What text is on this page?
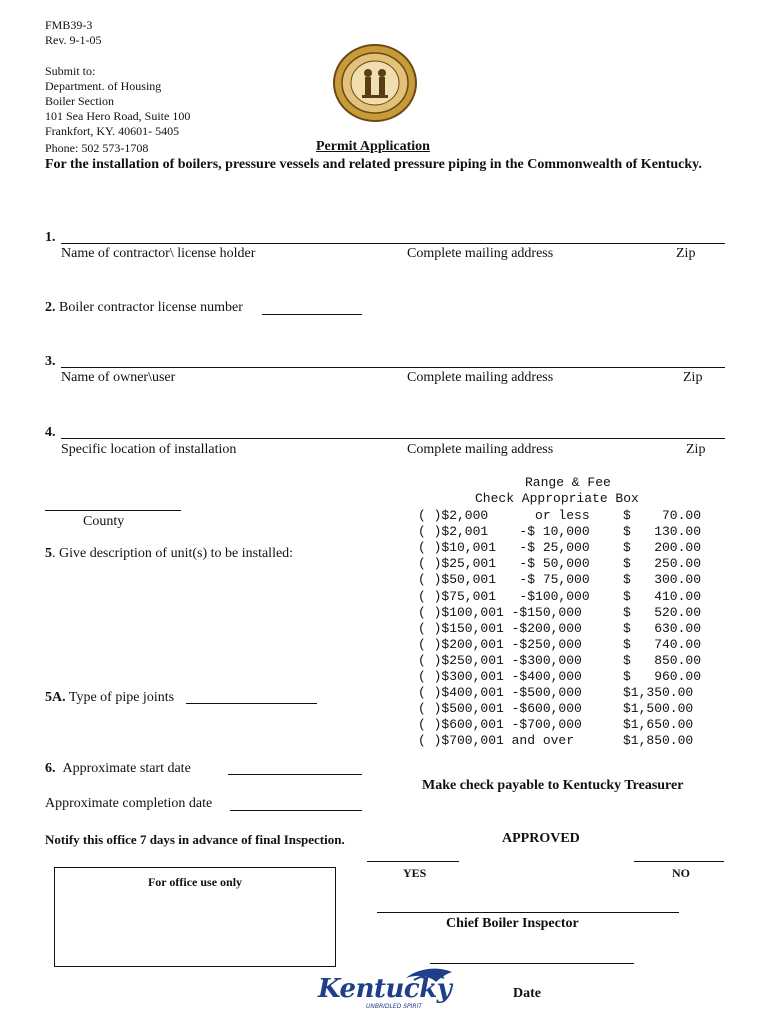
FMB39-3
Rev. 9-1-05
Submit to:
Department. of Housing
Boiler Section
101 Sea Hero Road, Suite 100
Frankfort, KY. 40601- 5405
Phone: 502 573-1708	Permit Application
For the installation of boilers, pressure vessels and related pressure piping in the Commonwealth of Kentucky.
1.
Name of contractor\ license holder	Complete mailing address	Zip
2. Boiler contractor license number
3.
Name of owner\user	Complete mailing address	Zip
4.
Specific location of installation	Complete mailing address	Zip
County
5. Give description of unit(s) to be installed:
5A. Type of pipe joints
6. Approximate start date
Approximate completion date
Range & Fee
Check Appropriate Box
( )$2,000      or less	$    70.00
( )$2,001    -$ 10,000	$   130.00
( )$10,001   -$ 25,000	$   200.00
( )$25,001   -$ 50,000	$   250.00
( )$50,001   -$ 75,000	$   300.00
( )$75,001   -$100,000	$   410.00
( )$100,001 -$150,000	$   520.00
( )$150,001 -$200,000	$   630.00
( )$200,001 -$250,000	$   740.00
( )$250,001 -$300,000	$   850.00
( )$300,001 -$400,000	$   960.00
( )$400,001 -$500,000	$1,350.00
( )$500,001 -$600,000	$1,500.00
( )$600,001 -$700,000	$1,650.00
( )$700,001 and over	$1,850.00
Make check payable to Kentucky Treasurer
Notify this office 7 days in advance of final Inspection.	APPROVED
YES	NO
For office use only
Chief Boiler Inspector
Date
Kentucky
UNBRIDLED SPIRIT
